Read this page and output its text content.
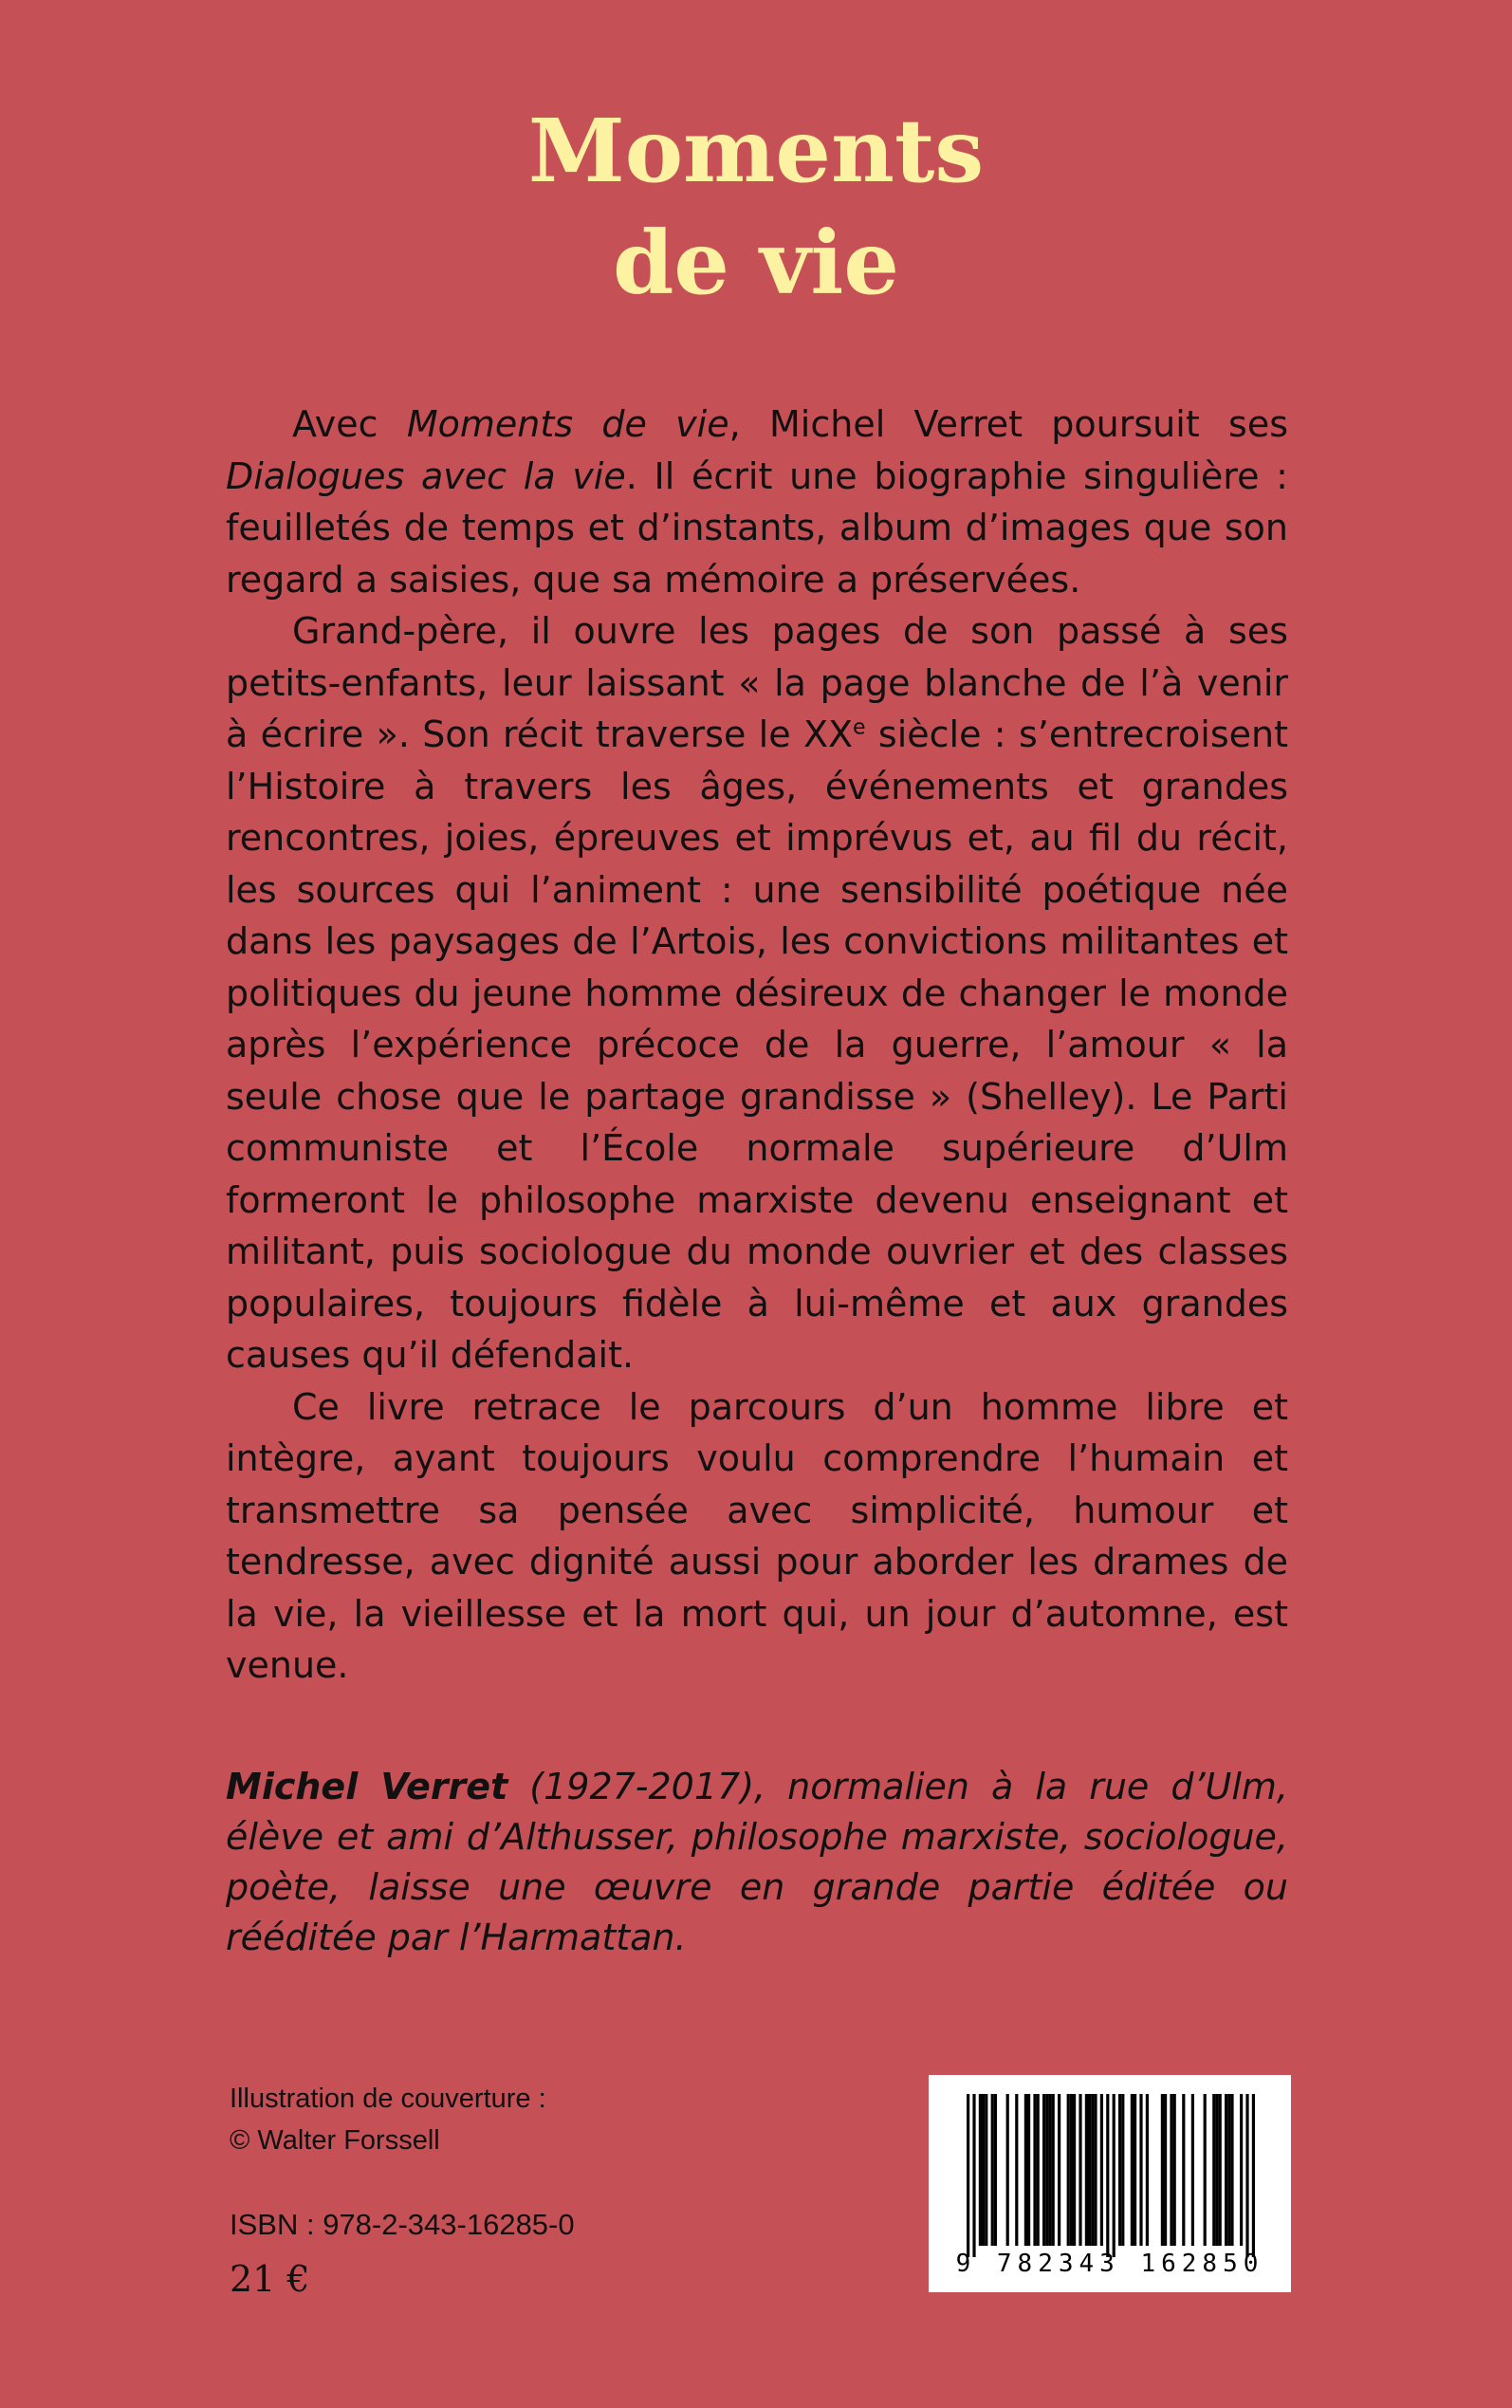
Moments
de vie

Avec Moments de vie, Michel Verret poursuit ses Dialogues avec la vie. Il écrit une biographie singulière : feuilletés de temps et d’instants, album d’images que son regard a saisies, que sa mémoire a préservées.

Grand-père, il ouvre les pages de son passé à ses petits-enfants, leur laissant « la page blanche de l’à venir à écrire ». Son récit traverse le XXe siècle : s’entrecroisent l’Histoire à travers les âges, événements et grandes rencontres, joies, épreuves et imprévus et, au fil du récit, les sources qui l’animent : une sensibilité poétique née dans les paysages de l’Artois, les convictions militantes et politiques du jeune homme désireux de changer le monde après l’expérience précoce de la guerre, l’amour « la seule chose que le partage grandisse » (Shelley). Le Parti communiste et l’École normale supérieure d’Ulm formeront le philosophe marxiste devenu enseignant et militant, puis sociologue du monde ouvrier et des classes populaires, toujours fidèle à lui-même et aux grandes causes qu’il défendait.

Ce livre retrace le parcours d’un homme libre et intègre, ayant toujours voulu comprendre l’humain et transmettre sa pensée avec simplicité, humour et tendresse, avec dignité aussi pour aborder les drames de la vie, la vieillesse et la mort qui, un jour d’automne, est venue.

Michel Verret (1927-2017), normalien à la rue d’Ulm, élève et ami d’Althusser, philosophe marxiste, sociologue, poète, laisse une œuvre en grande partie éditée ou rééditée par l’Harmattan.
Illustration de couverture :
© Walter Forssell
ISBN : 978-2-343-16285-0
21 €	9 782343 162850
